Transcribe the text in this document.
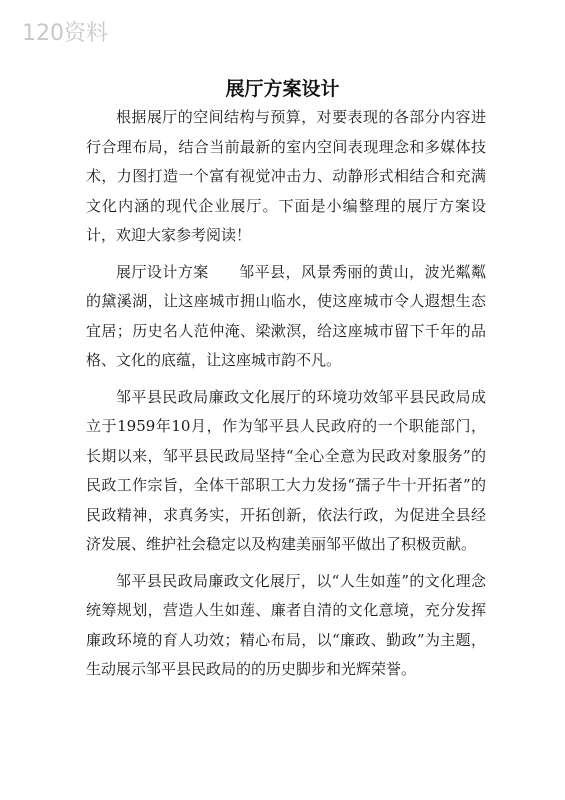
120资料
展厅方案设计

根据展厅的空间结构与预算，对要表现的各部分内容进行合理布局，结合当前最新的室内空间表现理念和多媒体技术，力图打造一个富有视觉冲击力、动静形式相结合和充满文化内涵的现代企业展厅。下面是小编整理的展厅方案设计，欢迎大家参考阅读！

展厅设计方案 邹平县，风景秀丽的黄山，波光粼粼的黛溪湖，让这座城市拥山临水，使这座城市令人遐想生态宜居；历史名人范仲淹、梁漱溟，给这座城市留下千年的品格、文化的底蕴，让这座城市韵不凡。

邹平县民政局廉政文化展厅的环境功效邹平县民政局成立于1959年10月，作为邹平县人民政府的一个职能部门，长期以来，邹平县民政局坚持“全心全意为民政对象服务”的民政工作宗旨，全体干部职工大力发扬“孺子牛十开拓者”的民政精神，求真务实，开拓创新，依法行政，为促进全县经济发展、维护社会稳定以及构建美丽邹平做出了积极贡献。

邹平县民政局廉政文化展厅，以“人生如莲”的文化理念统筹规划，营造人生如莲、廉者自清的文化意境，充分发挥廉政环境的育人功效；精心布局，以“廉政、勤政”为主题，生动展示邹平县民政局的的历史脚步和光辉荣誉。
